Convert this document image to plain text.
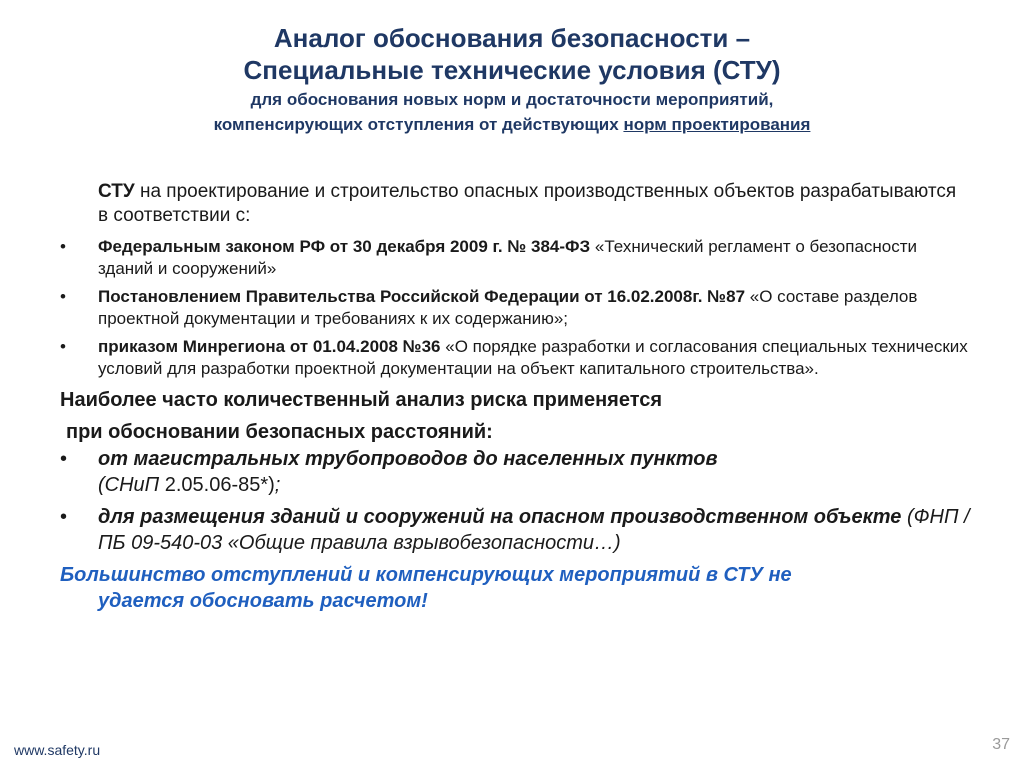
Аналог обоснования безопасности –
Специальные технические условия (СТУ)
для обоснования новых норм и достаточности мероприятий,
компенсирующих отступления от действующих норм проектирования
СТУ на проектирование и строительство опасных производственных объектов разрабатываются в соответствии с:
• Федеральным законом РФ от 30 декабря 2009 г. № 384-ФЗ «Технический регламент о безопасности зданий и сооружений»
• Постановлением Правительства Российской Федерации от 16.02.2008г. №87 «О составе разделов проектной документации и требованиях к их содержанию»;
• приказом Минрегиона от 01.04.2008 №36 «О порядке разработки и согласования специальных технических условий для разработки проектной документации на объект капитального строительства».
Наиболее часто количественный анализ риска применяется
при обосновании безопасных расстояний:
• от магистральных трубопроводов до населенных пунктов
(СНиП 2.05.06-85*);
• для размещения зданий и сооружений на опасном производственном объекте (ФНП /ПБ 09-540-03 «Общие правила взрывобезопасности…)
Большинство отступлений и компенсирующих мероприятий в СТУ не
удается обосновать расчетом!
www.safety.ru	37
